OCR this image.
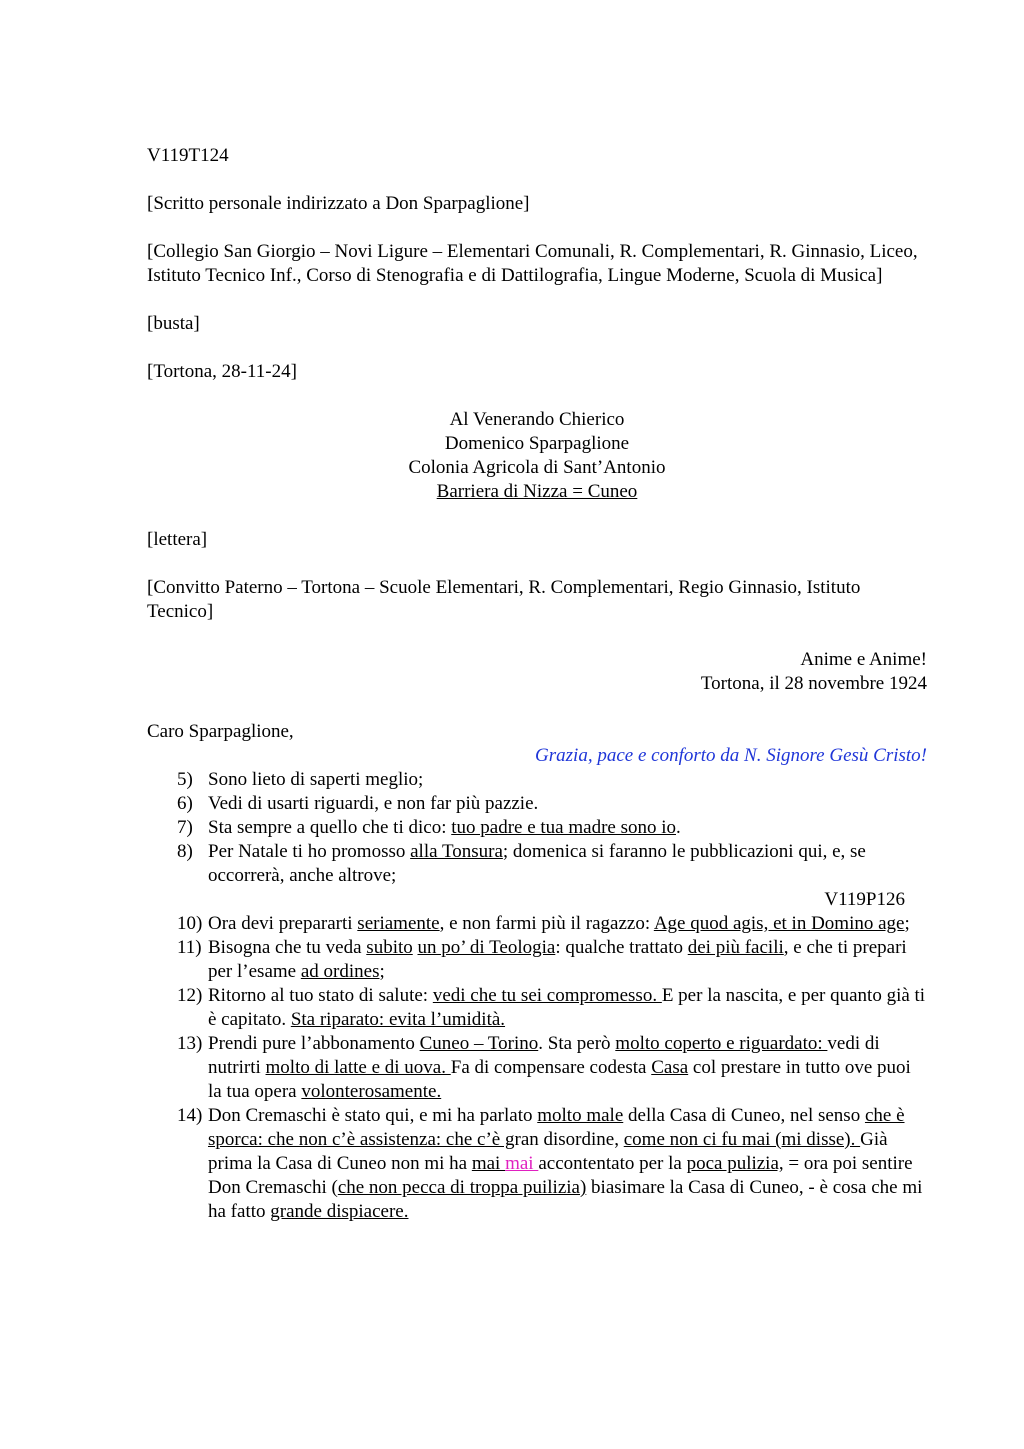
V119T124

[Scritto personale indirizzato a Don Sparpaglione]

[Collegio San Giorgio – Novi Ligure – Elementari Comunali, R. Complementari, R. Ginnasio, Liceo, Istituto Tecnico Inf., Corso di Stenografia e di Dattilografia, Lingue Moderne, Scuola di Musica]

[busta]

[Tortona, 28-11-24]

Al Venerando Chierico

Domenico Sparpaglione

Colonia Agricola di Sant’Antonio

Barriera di Nizza = Cuneo

[lettera]

[Convitto Paterno – Tortona – Scuole Elementari, R. Complementari, Regio Ginnasio, Istituto Tecnico]

Anime e Anime!

Tortona, il 28 novembre 1924

Caro Sparpaglione,

Grazia, pace e conforto da N. Signore Gesù Cristo!

5) Sono lieto di saperti meglio;
6) Vedi di usarti riguardi, e non far più pazzie.
7) Sta sempre a quello che ti dico: tuo padre e tua madre sono io.
8) Per Natale ti ho promosso alla Tonsura; domenica si faranno le pubblicazioni qui, e, se occorrerà, anche altrove;

V119P126

10) Ora devi prepararti seriamente, e non farmi più il ragazzo: Age quod agis, et in Domino age;
11) Bisogna che tu veda subito un po’ di Teologia: qualche trattato dei più facili, e che ti prepari per l’esame ad ordines;
12) Ritorno al tuo stato di salute: vedi che tu sei compromesso. E per la nascita, e per quanto già ti è capitato. Sta riparato: evita l’umidità.
13) Prendi pure l’abbonamento Cuneo – Torino. Sta però molto coperto e riguardato: vedi di nutrirti molto di latte e di uova. Fa di compensare codesta Casa col prestare in tutto ove puoi la tua opera volonterosamente.
14) Don Cremaschi è stato qui, e mi ha parlato molto male della Casa di Cuneo, nel senso che è sporca: che non c’è assistenza: che c’è gran disordine, come non ci fu mai (mi disse). Già prima la Casa di Cuneo non mi ha mai mai accontentato per la poca pulizia, = ora poi sentire Don Cremaschi (che non pecca di troppa puilizia) biasimare la Casa di Cuneo, - è cosa che mi ha fatto grande dispiacere.
